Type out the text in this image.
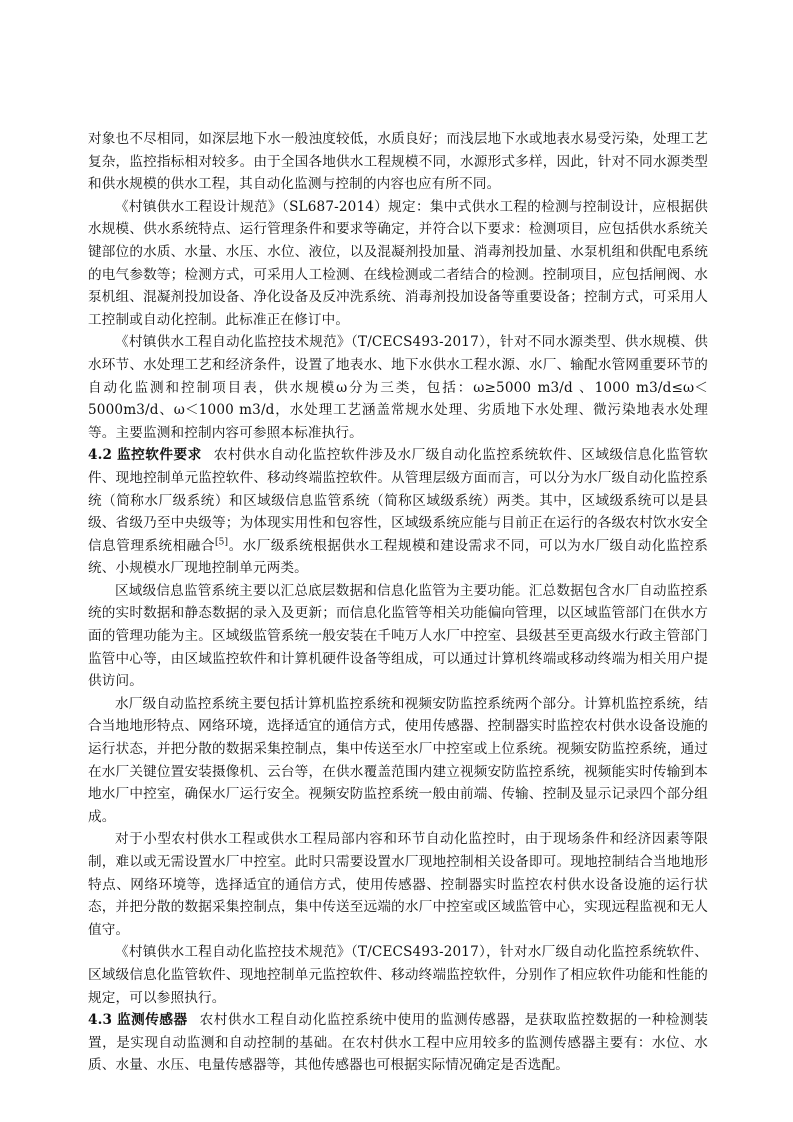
对象也不尽相同，如深层地下水一般浊度较低，水质良好；而浅层地下水或地表水易受污染，处理工艺复杂，监控指标相对较多。由于全国各地供水工程规模不同，水源形式多样，因此，针对不同水源类型和供水规模的供水工程，其自动化监测与控制的内容也应有所不同。

《村镇供水工程设计规范》（SL687-2014）规定：集中式供水工程的检测与控制设计，应根据供水规模、供水系统特点、运行管理条件和要求等确定，并符合以下要求：检测项目，应包括供水系统关键部位的水质、水量、水压、水位、液位，以及混凝剂投加量、消毒剂投加量、水泵机组和供配电系统的电气参数等；检测方式，可采用人工检测、在线检测或二者结合的检测。控制项目，应包括闸阀、水泵机组、混凝剂投加设备、净化设备及反冲洗系统、消毒剂投加设备等重要设备；控制方式，可采用人工控制或自动化控制。此标准正在修订中。

《村镇供水工程自动化监控技术规范》（T/CECS493-2017），针对不同水源类型、供水规模、供水环节、水处理工艺和经济条件，设置了地表水、地下水供水工程水源、水厂、输配水管网重要环节的自动化监测和控制项目表，供水规模ω分为三类，包括：ω≥5000 m3/d 、1000 m3/d≤ω＜5000m3/d、ω＜1000 m3/d，水处理工艺涵盖常规水处理、劣质地下水处理、微污染地表水处理等。主要监测和控制内容可参照本标准执行。

4.2 监控软件要求 农村供水自动化监控软件涉及水厂级自动化监控系统软件、区域级信息化监管软件、现地控制单元监控软件、移动终端监控软件。从管理层级方面而言，可以分为水厂级自动化监控系统（简称水厂级系统）和区域级信息监管系统（简称区域级系统）两类。其中，区域级系统可以是县级、省级乃至中央级等；为体现实用性和包容性，区域级系统应能与目前正在运行的各级农村饮水安全信息管理系统相融合[5]。水厂级系统根据供水工程规模和建设需求不同，可以为水厂级自动化监控系统、小规模水厂现地控制单元两类。

区域级信息监管系统主要以汇总底层数据和信息化监管为主要功能。汇总数据包含水厂自动监控系统的实时数据和静态数据的录入及更新；而信息化监管等相关功能偏向管理，以区域监管部门在供水方面的管理功能为主。区域级监管系统一般安装在千吨万人水厂中控室、县级甚至更高级水行政主管部门监管中心等，由区域监控软件和计算机硬件设备等组成，可以通过计算机终端或移动终端为相关用户提供访问。

水厂级自动监控系统主要包括计算机监控系统和视频安防监控系统两个部分。计算机监控系统，结合当地地形特点、网络环境，选择适宜的通信方式，使用传感器、控制器实时监控农村供水设备设施的运行状态，并把分散的数据采集控制点，集中传送至水厂中控室或上位系统。视频安防监控系统，通过在水厂关键位置安装摄像机、云台等，在供水覆盖范围内建立视频安防监控系统，视频能实时传输到本地水厂中控室，确保水厂运行安全。视频安防监控系统一般由前端、传输、控制及显示记录四个部分组成。

对于小型农村供水工程或供水工程局部内容和环节自动化监控时，由于现场条件和经济因素等限制，难以或无需设置水厂中控室。此时只需要设置水厂现地控制相关设备即可。现地控制结合当地地形特点、网络环境等，选择适宜的通信方式，使用传感器、控制器实时监控农村供水设备设施的运行状态，并把分散的数据采集控制点，集中传送至远端的水厂中控室或区域监管中心，实现远程监视和无人值守。

《村镇供水工程自动化监控技术规范》（T/CECS493-2017），针对水厂级自动化监控系统软件、区域级信息化监管软件、现地控制单元监控软件、移动终端监控软件，分别作了相应软件功能和性能的规定，可以参照执行。

4.3 监测传感器 农村供水工程自动化监控系统中使用的监测传感器，是获取监控数据的一种检测装置，是实现自动监测和自动控制的基础。在农村供水工程中应用较多的监测传感器主要有：水位、水质、水量、水压、电量传感器等，其他传感器也可根据实际情况确定是否选配。
